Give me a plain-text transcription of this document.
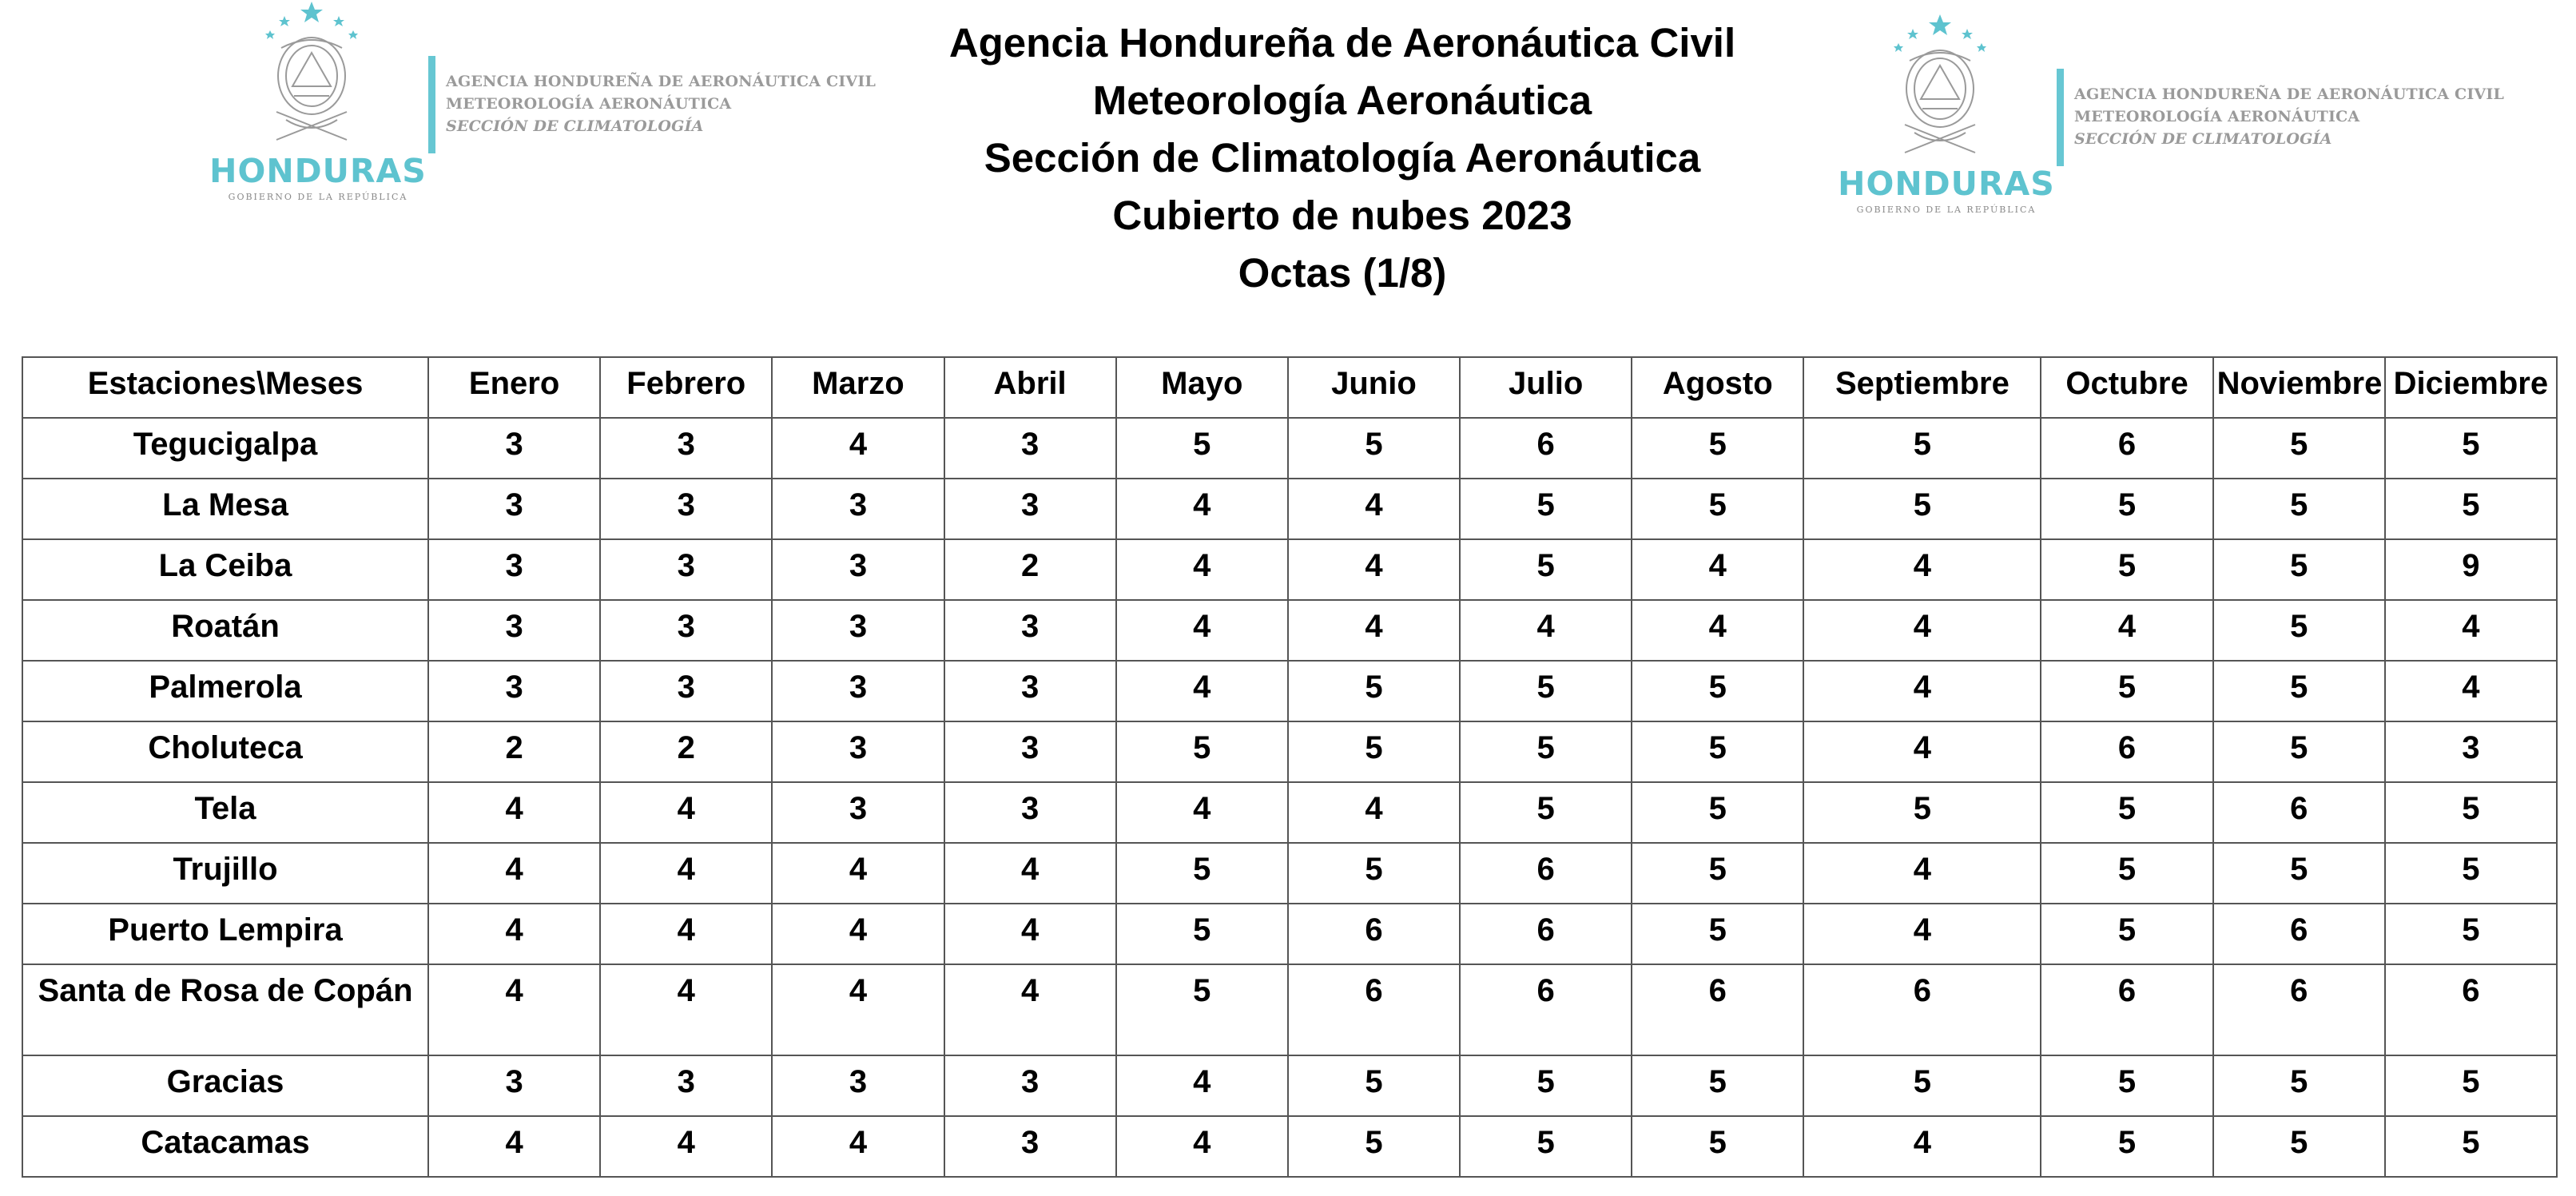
AGENCIA HONDUREÑA DE AERONÁUTICA CIVIL
METEOROLOGÍA AERONÁUTICA
SECCIÓN DE CLIMATOLOGÍA
HONDURAS
GOBIERNO DE LA REPÚBLICA
AGENCIA HONDUREÑA DE AERONÁUTICA CIVIL
METEOROLOGÍA AERONÁUTICA
SECCIÓN DE CLIMATOLOGÍA
HONDURAS
GOBIERNO DE LA REPÚBLICA
Agencia Hondureña de Aeronáutica Civil
Meteorología Aeronáutica
Sección de Climatología Aeronáutica
Cubierto de nubes 2023
Octas (1/8)
Estaciones\Meses	Enero	Febrero	Marzo	Abril	Mayo	Junio	Julio	Agosto	Septiembre	Octubre	Noviembre	Diciembre
Tegucigalpa	3	3	4	3	5	5	6	5	5	6	5	5
La Mesa	3	3	3	3	4	4	5	5	5	5	5	5
La Ceiba	3	3	3	2	4	4	5	4	4	5	5	9
Roatán	3	3	3	3	4	4	4	4	4	4	5	4
Palmerola	3	3	3	3	4	5	5	5	4	5	5	4
Choluteca	2	2	3	3	5	5	5	5	4	6	5	3
Tela	4	4	3	3	4	4	5	5	5	5	6	5
Trujillo	4	4	4	4	5	5	6	5	4	5	5	5
Puerto Lempira	4	4	4	4	5	6	6	5	4	5	6	5
Santa de Rosa de Copán	4	4	4	4	5	6	6	6	6	6	6	6
Gracias	3	3	3	3	4	5	5	5	5	5	5	5
Catacamas	4	4	4	3	4	5	5	5	4	5	5	5
